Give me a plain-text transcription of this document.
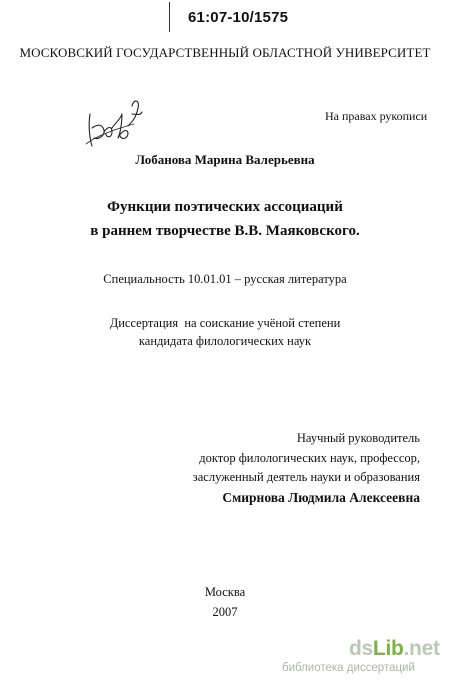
61:07-10/1575
МОСКОВСКИЙ ГОСУДАРСТВЕННЫЙ ОБЛАСТНОЙ УНИВЕРСИТЕТ
На правах рукописи
Лобанова Марина Валерьевна
Функции поэтических ассоциаций
в раннем творчестве В.В. Маяковского.
Специальность 10.01.01 – русская литература
Диссертация  на соискание учёной степени
кандидата филологических наук
Научный руководитель
доктор филологических наук, профессор,
заслуженный деятель науки и образования
Смирнова Людмила Алексеевна
Москва
2007
dsLib.net
библиотека диссертаций
